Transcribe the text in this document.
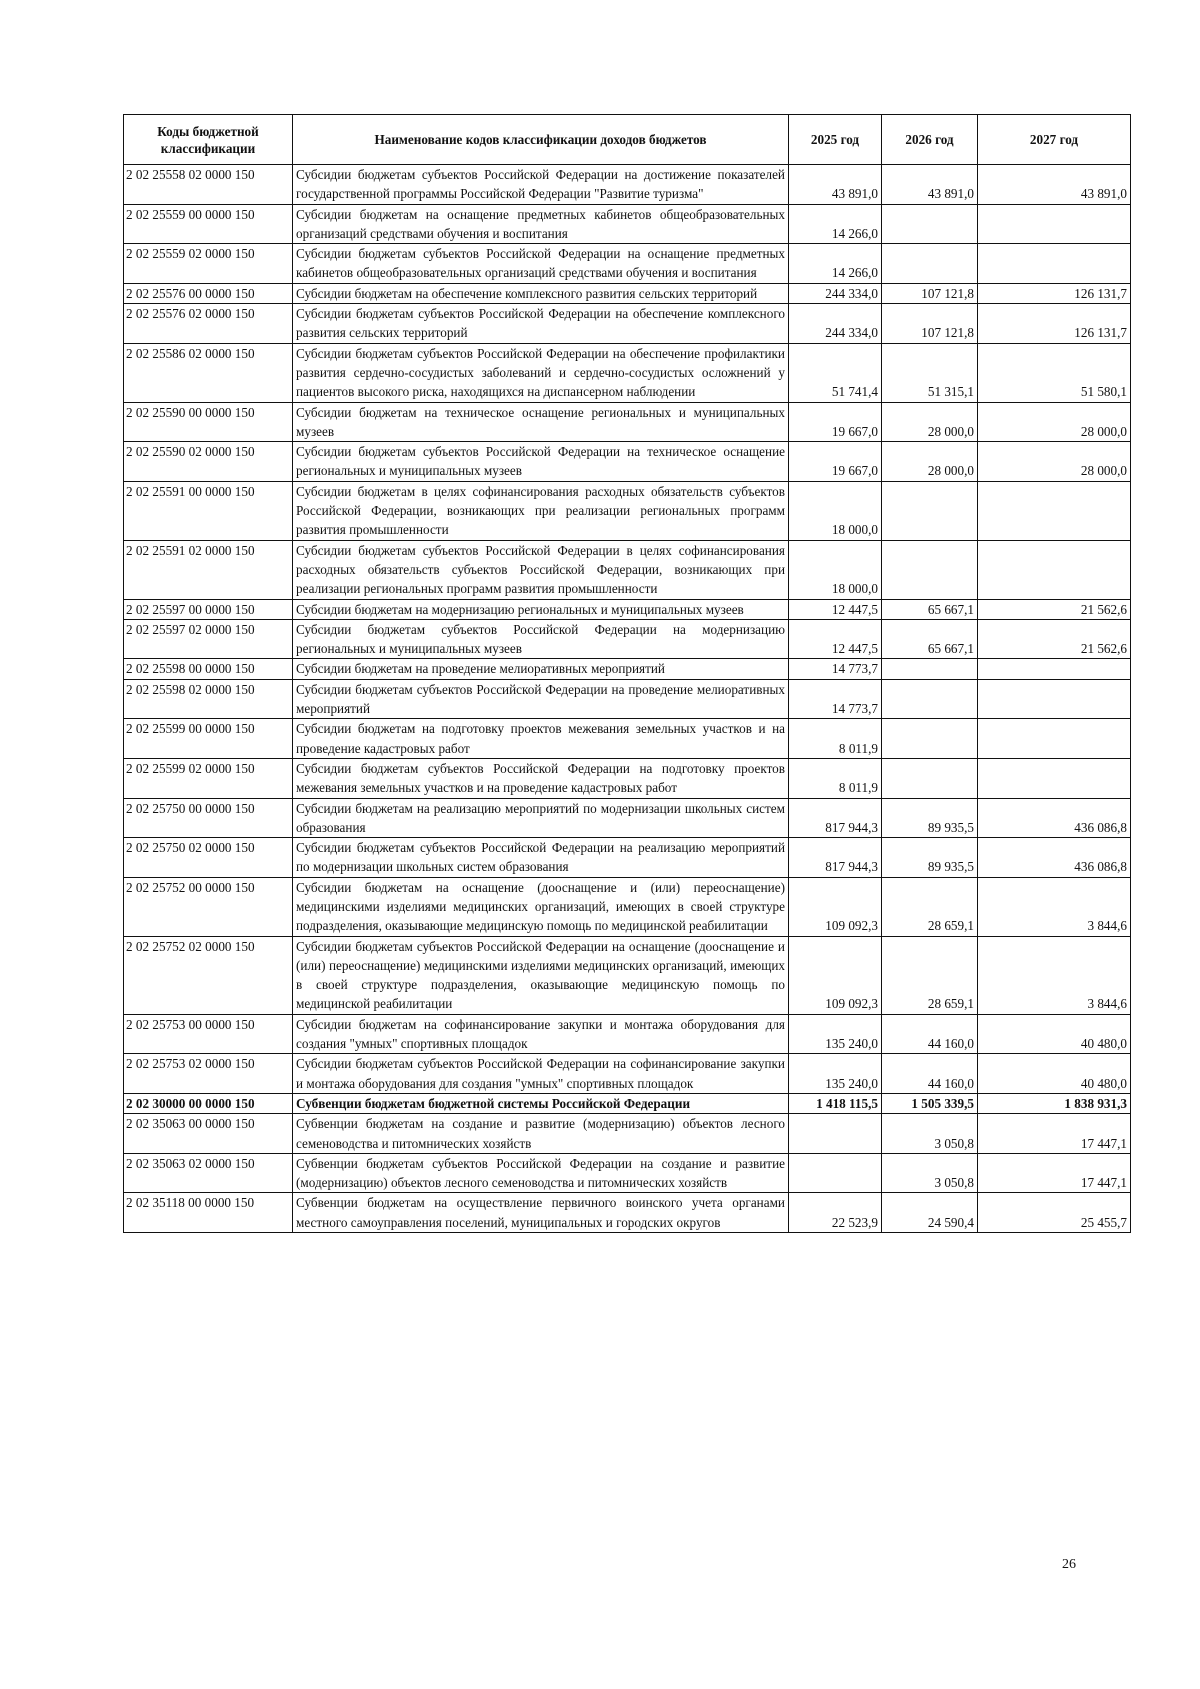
Коды бюджетной классификации	Наименование кодов классификации доходов бюджетов	2025 год	2026 год	2027 год
2 02 25558 02 0000 150	Субсидии бюджетам субъектов Российской Федерации на достижение показателей государственной программы Российской Федерации "Развитие туризма"	43 891,0	43 891,0	43 891,0
2 02 25559 00 0000 150	Субсидии бюджетам на оснащение предметных кабинетов общеобразовательных организаций средствами обучения и воспитания	14 266,0		
2 02 25559 02 0000 150	Субсидии бюджетам субъектов Российской Федерации на оснащение предметных кабинетов общеобразовательных организаций средствами обучения и воспитания	14 266,0		
2 02 25576 00 0000 150	Субсидии бюджетам на обеспечение комплексного развития сельских территорий	244 334,0	107 121,8	126 131,7
2 02 25576 02 0000 150	Субсидии бюджетам субъектов Российской Федерации на обеспечение комплексного развития сельских территорий	244 334,0	107 121,8	126 131,7
2 02 25586 02 0000 150	Субсидии бюджетам субъектов Российской Федерации на обеспечение профилактики развития сердечно-сосудистых заболеваний и сердечно-сосудистых осложнений у пациентов высокого риска, находящихся на диспансерном наблюдении	51 741,4	51 315,1	51 580,1
2 02 25590 00 0000 150	Субсидии бюджетам на техническое оснащение региональных и муниципальных музеев	19 667,0	28 000,0	28 000,0
2 02 25590 02 0000 150	Субсидии бюджетам субъектов Российской Федерации на техническое оснащение региональных и муниципальных музеев	19 667,0	28 000,0	28 000,0
2 02 25591 00 0000 150	Субсидии бюджетам в целях софинансирования расходных обязательств субъектов Российской Федерации, возникающих при реализации региональных программ развития промышленности	18 000,0		
2 02 25591 02 0000 150	Субсидии бюджетам субъектов Российской Федерации в целях софинансирования расходных обязательств субъектов Российской Федерации, возникающих при реализации региональных программ развития промышленности	18 000,0		
2 02 25597 00 0000 150	Субсидии бюджетам на модернизацию региональных и муниципальных музеев	12 447,5	65 667,1	21 562,6
2 02 25597 02 0000 150	Субсидии бюджетам субъектов Российской Федерации на модернизацию региональных и муниципальных музеев	12 447,5	65 667,1	21 562,6
2 02 25598 00 0000 150	Субсидии бюджетам на проведение мелиоративных мероприятий	14 773,7		
2 02 25598 02 0000 150	Субсидии бюджетам субъектов Российской Федерации на проведение мелиоративных мероприятий	14 773,7		
2 02 25599 00 0000 150	Субсидии бюджетам на подготовку проектов межевания земельных участков и на проведение кадастровых работ	8 011,9		
2 02 25599 02 0000 150	Субсидии бюджетам субъектов Российской Федерации на подготовку проектов межевания земельных участков и на проведение кадастровых работ	8 011,9		
2 02 25750 00 0000 150	Субсидии бюджетам на реализацию мероприятий по модернизации школьных систем образования	817 944,3	89 935,5	436 086,8
2 02 25750 02 0000 150	Субсидии бюджетам субъектов Российской Федерации на реализацию мероприятий по модернизации школьных систем образования	817 944,3	89 935,5	436 086,8
2 02 25752 00 0000 150	Субсидии бюджетам на оснащение (дооснащение и (или) переоснащение) медицинскими изделиями медицинских организаций, имеющих в своей структуре подразделения, оказывающие медицинскую помощь по медицинской реабилитации	109 092,3	28 659,1	3 844,6
2 02 25752 02 0000 150	Субсидии бюджетам субъектов Российской Федерации на оснащение (дооснащение и (или) переоснащение) медицинскими изделиями медицинских организаций, имеющих в своей структуре подразделения, оказывающие медицинскую помощь по медицинской реабилитации	109 092,3	28 659,1	3 844,6
2 02 25753 00 0000 150	Субсидии бюджетам на софинансирование закупки и монтажа оборудования для создания "умных" спортивных площадок	135 240,0	44 160,0	40 480,0
2 02 25753 02 0000 150	Субсидии бюджетам субъектов Российской Федерации на софинансирование закупки и монтажа оборудования для создания "умных" спортивных площадок	135 240,0	44 160,0	40 480,0
2 02 30000 00 0000 150	Субвенции бюджетам бюджетной системы Российской Федерации	1 418 115,5	1 505 339,5	1 838 931,3
2 02 35063 00 0000 150	Субвенции бюджетам на создание и развитие (модернизацию) объектов лесного семеноводства и питомнических хозяйств		3 050,8	17 447,1
2 02 35063 02 0000 150	Субвенции бюджетам субъектов Российской Федерации на создание и развитие (модернизацию) объектов лесного семеноводства и питомнических хозяйств		3 050,8	17 447,1
2 02 35118 00 0000 150	Субвенции бюджетам на осуществление первичного воинского учета органами местного самоуправления поселений, муниципальных и городских округов	22 523,9	24 590,4	25 455,7
26
